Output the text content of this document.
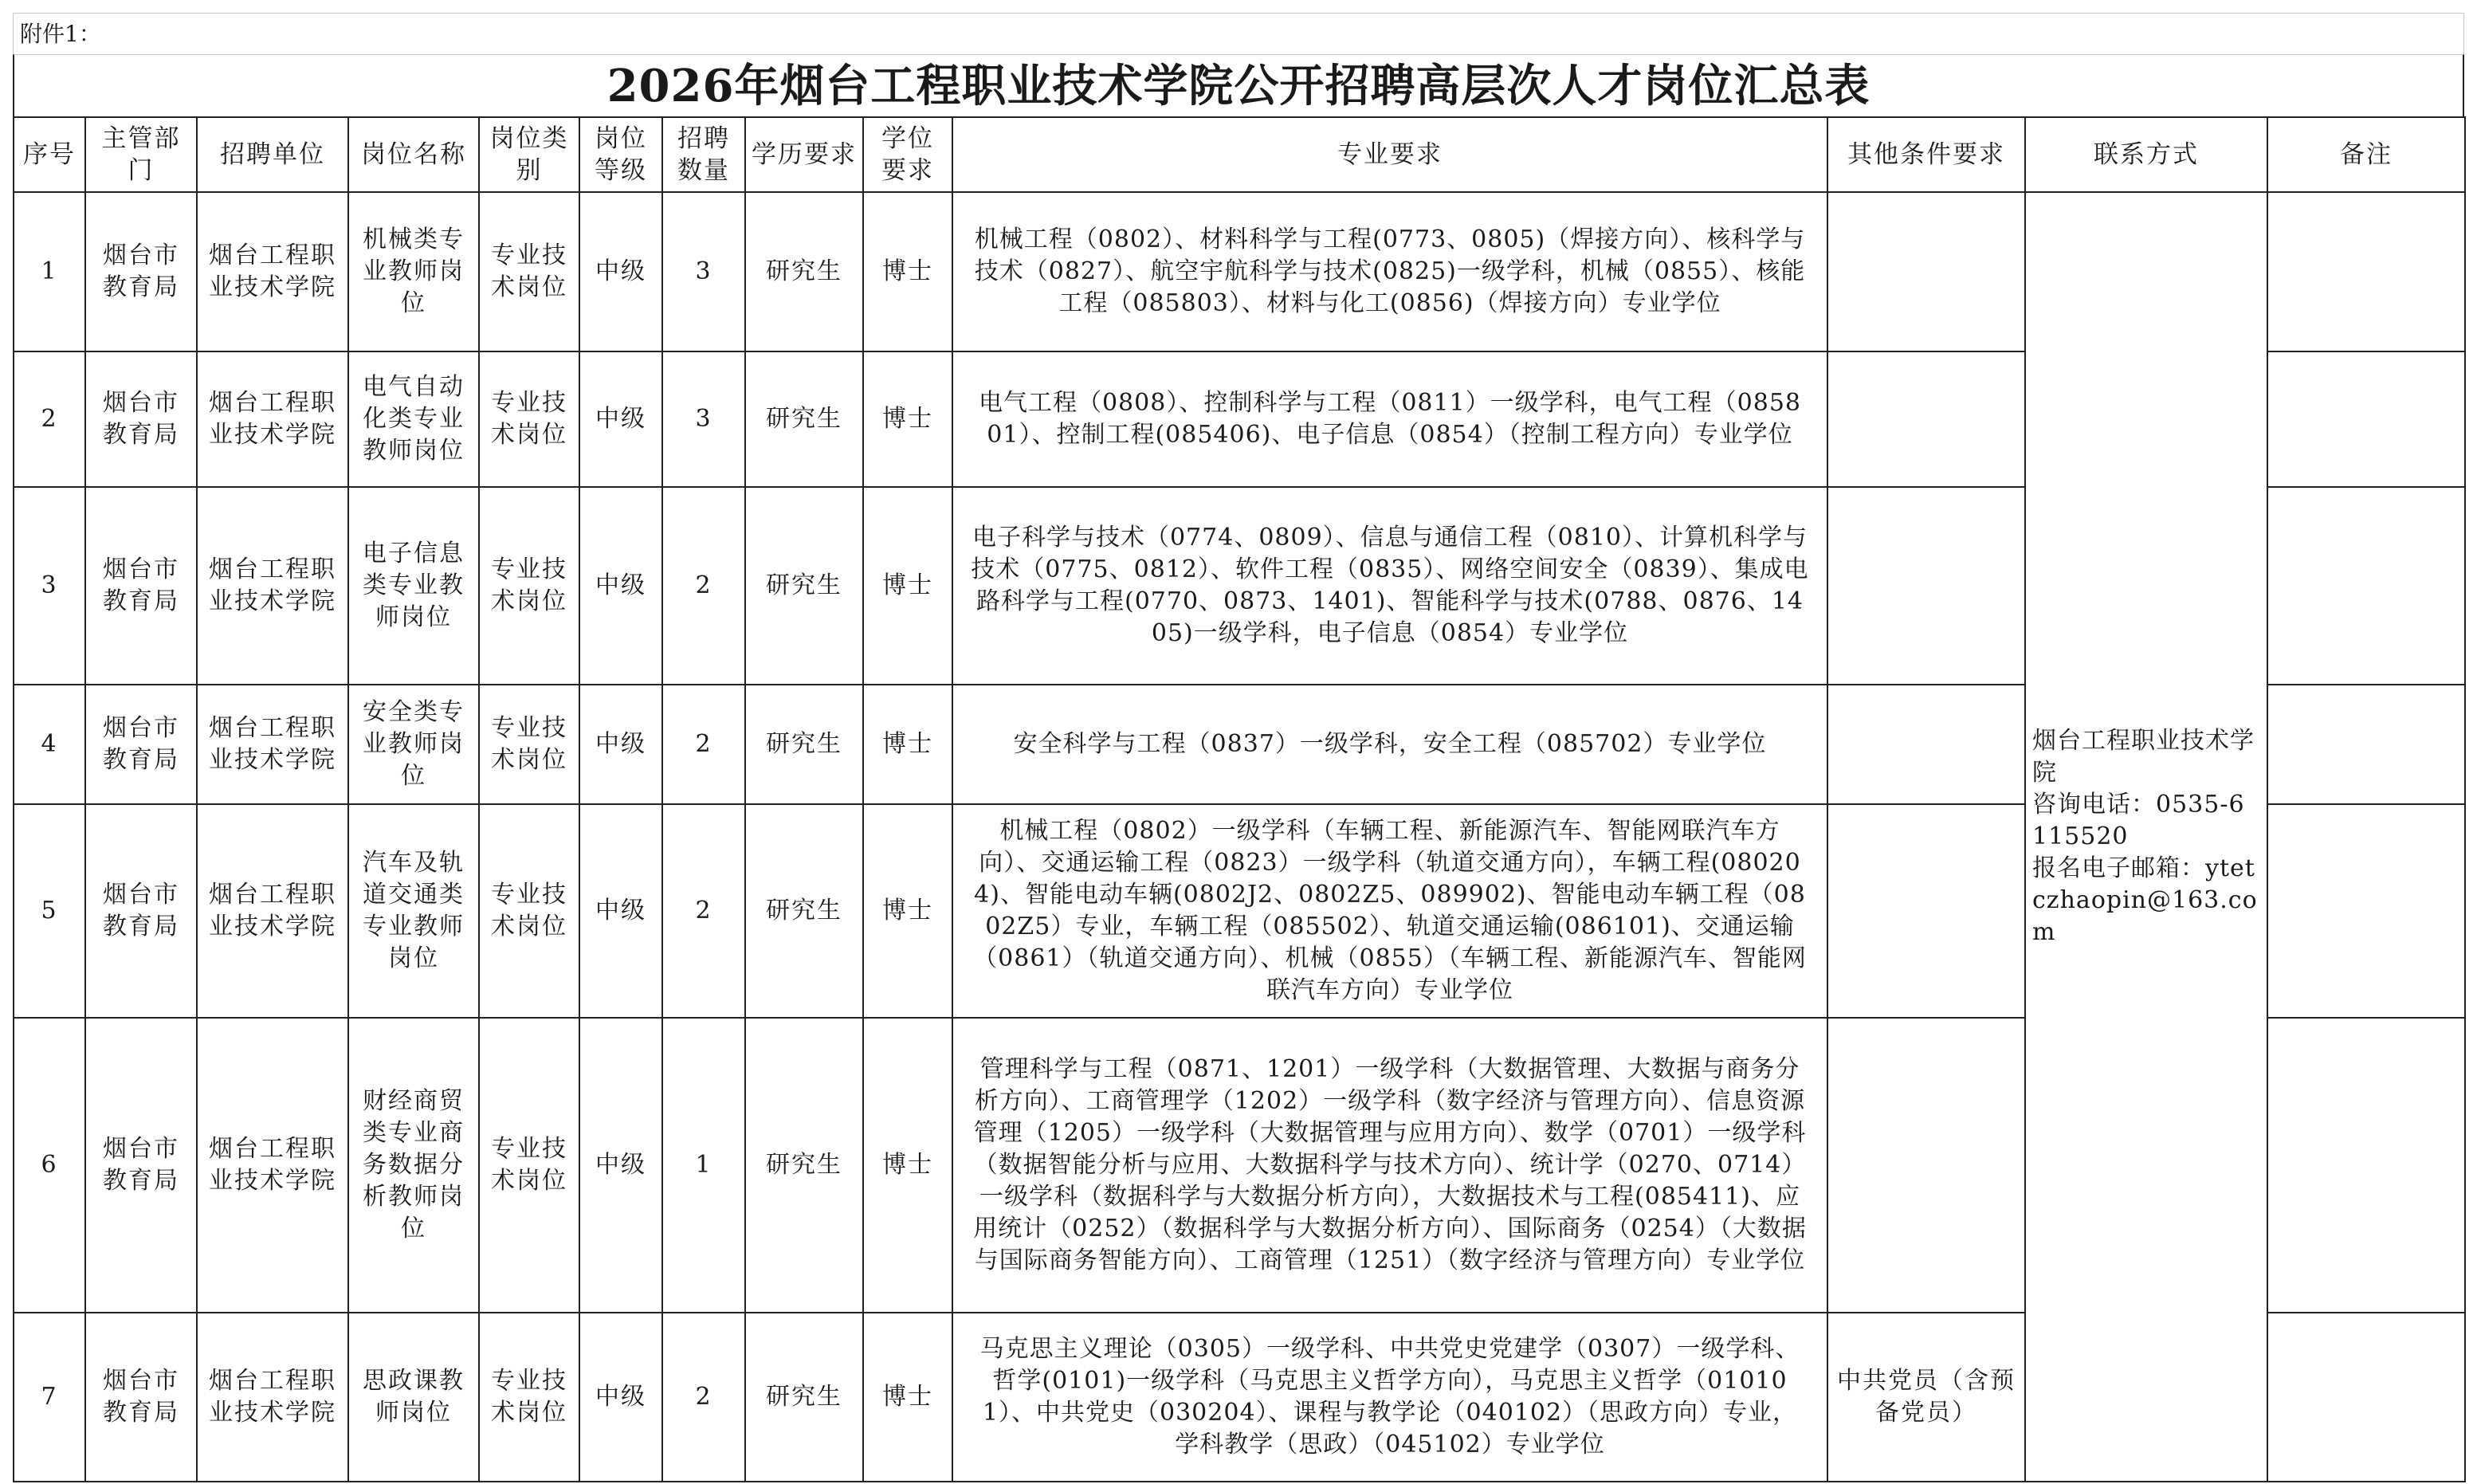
附件1：
2026年烟台工程职业技术学院公开招聘高层次人才岗位汇总表
序号	主管部门	招聘单位	岗位名称	岗位类别	岗位等级	招聘数量	学历要求	学位要求	专业要求	其他条件要求	联系方式	备注
1	烟台市教育局	烟台工程职业技术学院	机械类专业教师岗位	专业技术岗位	中级	3	研究生	博士	机械工程（0802）、材料科学与工程(0773、0805)（焊接方向）、核科学与技术（0827）、航空宇航科学与技术(0825)一级学科，机械（0855）、核能工程（085803）、材料与化工(0856)（焊接方向）专业学位		烟台工程职业技术学院
咨询电话：0535-6115520
报名电子邮箱：ytetczhaopin@163.com	

2	烟台市教育局	烟台工程职业技术学院	电气自动化类专业教师岗位	专业技术岗位	中级	3	研究生	博士	电气工程（0808）、控制科学与工程（0811）一级学科，电气工程（085801）、控制工程(085406)、电子信息（0854）（控制工程方向）专业学位			
3	烟台市教育局	烟台工程职业技术学院	电子信息类专业教师岗位	专业技术岗位	中级	2	研究生	博士	电子科学与技术（0774、0809）、信息与通信工程（0810）、计算机科学与技术（0775、0812）、软件工程（0835）、网络空间安全（0839）、集成电路科学与工程(0770、0873、1401)、智能科学与技术(0788、0876、1405)一级学科，电子信息（0854）专业学位			
4	烟台市教育局	烟台工程职业技术学院	安全类专业教师岗位	专业技术岗位	中级	2	研究生	博士	安全科学与工程（0837）一级学科，安全工程（085702）专业学位			
5	烟台市教育局	烟台工程职业技术学院	汽车及轨道交通类专业教师岗位	专业技术岗位	中级	2	研究生	博士	机械工程（0802）一级学科（车辆工程、新能源汽车、智能网联汽车方向）、交通运输工程（0823）一级学科（轨道交通方向），车辆工程(080204)、智能电动车辆(0802J2、0802Z5、089902)、智能电动车辆工程（0802Z5）专业，车辆工程（085502）、轨道交通运输(086101)、交通运输（0861）（轨道交通方向）、机械（0855）（车辆工程、新能源汽车、智能网联汽车方向）专业学位			
6	烟台市教育局	烟台工程职业技术学院	财经商贸类专业商务数据分析教师岗位	专业技术岗位	中级	1	研究生	博士	管理科学与工程（0871、1201）一级学科（大数据管理、大数据与商务分析方向）、工商管理学（1202）一级学科（数字经济与管理方向）、信息资源管理（1205）一级学科（大数据管理与应用方向）、数学（0701）一级学科（数据智能分析与应用、大数据科学与技术方向）、统计学（0270、0714）一级学科（数据科学与大数据分析方向），大数据技术与工程(085411)、应用统计（0252）（数据科学与大数据分析方向）、国际商务（0254）（大数据与国际商务智能方向）、工商管理（1251）（数字经济与管理方向）专业学位			
7	烟台市教育局	烟台工程职业技术学院	思政课教师岗位	专业技术岗位	中级	2	研究生	博士	马克思主义理论（0305）一级学科、中共党史党建学（0307）一级学科、哲学(0101)一级学科（马克思主义哲学方向），马克思主义哲学（010101）、中共党史（030204）、课程与教学论（040102）（思政方向）专业，学科教学（思政）（045102）专业学位	中共党员（含预备党员）		
